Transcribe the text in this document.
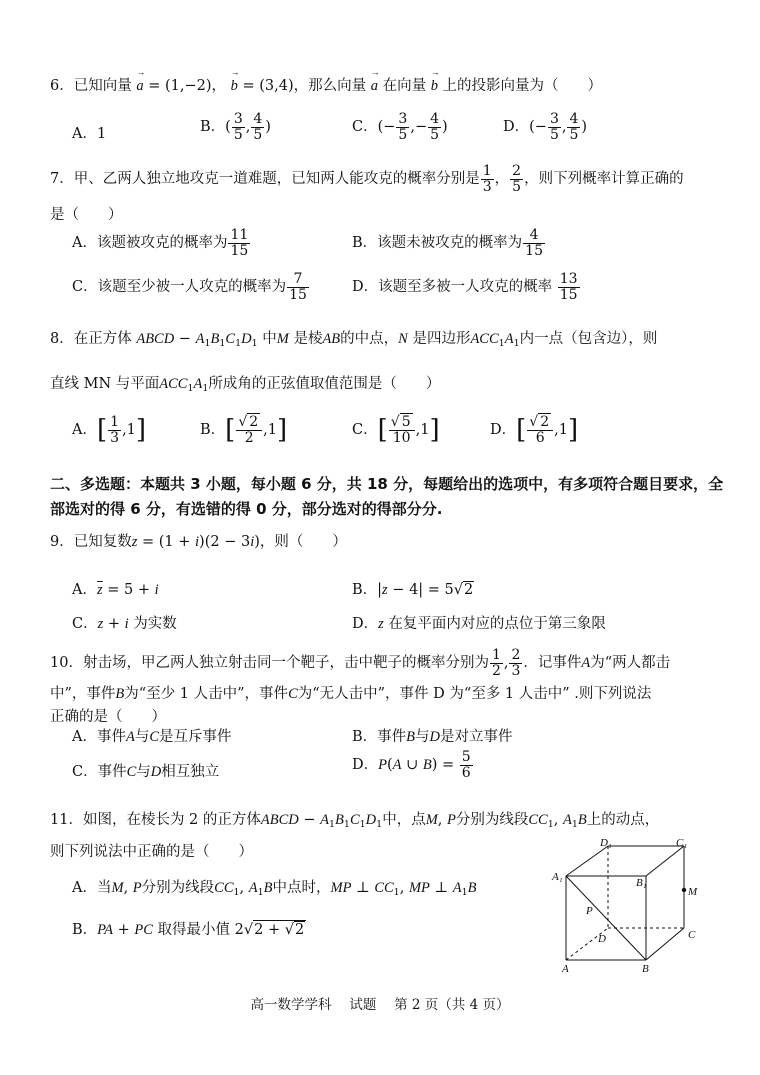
6．已知向量 → a = (1,−2)， → b = (3,4)，那么向量 → a 在向量 → b 上的投影向量为（　　）
A．1	B．( $\frac{3}{5}$ , $\frac{4}{5}$ )	C．(− $\frac{3}{5}$ ,− $\frac{4}{5}$ )	D．(− $\frac{3}{5}$ , $\frac{4}{5}$ )
7．甲、乙两人独立地攻克一道难题，已知两人能攻克的概率分别是 $\frac{1}{3}$ ， $\frac{2}{5}$ ，则下列概率计算正确的
是（　　）
A．该题被攻克的概率为 $\frac{11}{15}$	B．该题未被攻克的概率为 $\frac{4}{15}$
C．该题至少被一人攻克的概率为 $\frac{7}{15}$	D．该题至多被一人攻克的概率 $\frac{13}{15}$
8．在正方体 ABCD − $A_1B_1C_1D_1$ 中M 是棱AB的中点，N 是四边形$ACC_1A_1$内一点（包含边），则
直线 MN 与平面$ACC_1A_1$所成角的正弦值取值范围是（　　）
A．[ $\frac{1}{3} ,1$]	B．[ $\frac{√ 2}{2} ,1$]	C．[ $\frac{√ 5}{10} ,1$]	D．[ $\frac{√ 2}{6} ,1$]
二、多选题：本题共 3 小题，每小题 6 分，共 18 分，每题给出的选项中，有多项符合题目要求，全部选对的得 6 分，有选错的得 0 分，部分选对的得部分分.
9．已知复数z = (1 + i)(2 − 3i)，则（　　）
A．$\overline{z} = 5 + i$	B．|z − 4| = 5√2
C．z + i 为实数	D．z 在复平面内对应的点位于第三象限
10．射击场，甲乙两人独立射击同一个靶子，击中靶子的概率分别为 $\frac{1}{2}$ , $\frac{2}{3}$ ．记事件A为“两人都击
中”，事件B为“至少 1 人击中”，事件C为“无人击中”，事件 D 为“至多 1 人击中” .则下列说法
正确的是（　　）
A．事件A与C是互斥事件	B．事件B与D是对立事件
C．事件C与D相互独立	D．P(A ∪ $B) = \frac{5}{6}$
11．如图，在棱长为 2 的正方体ABCD − $A_1B_1C_1D_1$中，点M, P分别为线段$CC_1$, $A_1B$上的动点，
则下列说法中正确的是（　　）
A．当M, P分别为线段$CC_1$, $A_1B$中点时，MP ⊥ $CC_1$, MP ⊥ $A_1B$
B．PA + PC 取得最小值 2√2 + √2
D₁	C₁
A₁	B₁
M
P
D	C
A	B
高一数学学科　 试题　 第 2 页（共 4 页）
